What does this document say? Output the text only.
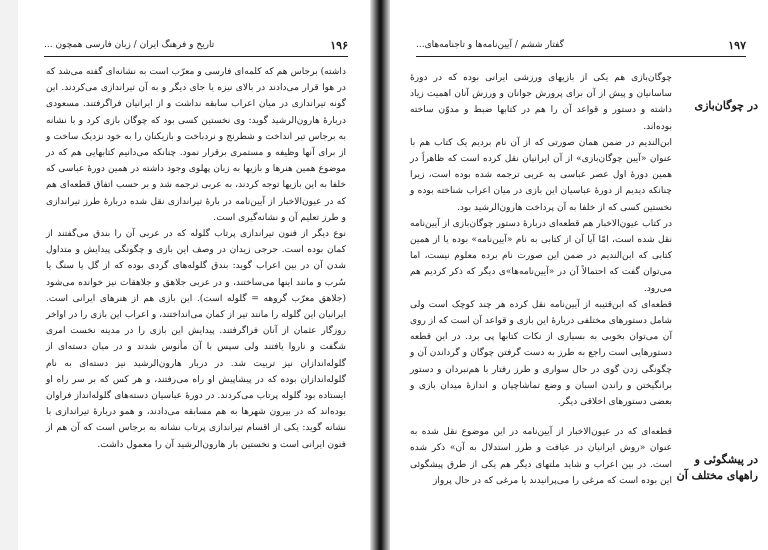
۱۹۶
تاریخ و فرهنگ ایران / زبان فارسی همچون ...

داشته) برجاس هم که کلمه‌ای فارسی و معرّب است به نشانه‌ای گفته می‌شد که در هوا قرار می‌دادند در بالای نیزه یا جای دیگر و به آن تیراندازی می‌کردند. این گونه تیراندازی در میان اعراب سابقه نداشت و از ایرانیان فراگرفتند. مسعودی دربارهٔ هارون‌الرشید گوید: وی نخستین کسی بود که چوگان بازی کرد و با نشانه به برجاس تیر انداخت و شطرنج و نردباخت و بازیکنان را به خود نزدیک ساخت و از برای آنها وظیفه و مستمری برقرار نمود. چنانکه می‌دانیم کتابهایی هم که در موضوع همین هنرها و بازیها به زبان پهلوی وجود داشته در همین دورهٔ عباسی که خلفا به این بازیها توجه کردند، به عربی ترجمه شد و بر حسب اتفاق قطعه‌ای هم که در عیون‌الاخبار از آیین‌نامه در بارهٔ تیراندازی نقل شده دربارهٔ طرز تیراندازی و طرز تعلیم آن و نشانه‌گیری است.

نوع دیگر از فنون تیراندازی پرتاب گلوله که در عربی آن را بندق می‌گفتند از کمان بوده است. جرجی زیدان در وصف این بازی و چگونگی پیدایش و متداول شدن آن در بین اعراب گوید: بندق گلوله‌های گردی بوده که از گل یا سنگ یا سُرب و مانند اینها می‌ساختند، و در عربی جلاهق و جلاهقات نیز خوانده می‌شود (جلاهق معرّب گروهه = گلوله است). این بازی هم از هنرهای ایرانی است. ایرانیان این گلوله را مانند تیر از کمان می‌انداختند، و اعراب این بازی را در اواخر روزگار عثمان از آنان فراگرفتند. پیدایش این بازی را در مدینه نخست امری شگفت و ناروا یافتند ولی سپس با آن مأنوس شدند و در میان دسته‌ای از گلوله‌اندازان نیز تربیت شد. در دربار هارون‌الرشید نیز دسته‌ای به نام گلوله‌اندازان بوده که در پیشاپیش او راه می‌رفتند، و هر کس که بر سر راه او ایستاده بود گلوله پرتاب می‌کردند. در دورهٔ عباسیان دسته‌های گلوله‌انداز فراوان بوده‌اند که در بیرون شهرها به هم مسابقه می‌دادند، و همو دربارهٔ تیراندازی با نشانه گوید: یکی از اقسام تیراندازی پرتاب نشانه به برجاس است که آن هم از فنون ایرانی است و نخستین بار هارون‌الرشید آن را معمول داشت.

۱۹۷
گفتار ششم / آیین‌نامه‌ها و تاجنامه‌های...
در چوگان‌بازی

چوگان‌بازی هم یکی از بازیهای ورزشی ایرانی بوده که در دورهٔ ساسانیان و پیش از آن برای پرورش جوانان و ورزش آنان اهمیت زیاد داشته و دستور و قواعد آن را هم در کتابها ضبط و مدوّن ساخته بوده‌اند.

ابن‌الندیم در ضمن همان صورتی که از آن نام بردیم یک کتاب هم با عنوان «آیین چوگان‌بازی» از آن ایرانیان نقل کرده است که ظاهراً در همین دورهٔ اول عصر عباسی به عربی ترجمه شده بوده است، زیرا چنانکه دیدیم از دورهٔ عباسیان این بازی در میان اعراب شناخته بوده و نخستین کسی که از خلفا به آن پرداخت هارون‌الرشید بود.

در کتاب عیون‌الاخبار هم قطعه‌ای دربارهٔ دستور چوگان‌بازی از آیین‌نامه نقل شده است، امّا آیا آن از کتابی به نام «آیین‌نامه» بوده یا از همین کتابی که ابن‌الندیم در ضمن این صورت نام برده معلوم نیست، اما می‌توان گفت که احتمالاً آن در «آیین‌نامه‌ها»ی دیگر که ذکر کردیم هم می‌رود.

قطعه‌ای که ابن‌قتیبه از آیین‌نامه نقل کرده هر چند کوچک است ولی شامل دستورهای مختلفی دربارهٔ این بازی و قواعد آن است که از روی آن می‌توان بخوبی به بسیاری از نکات کتابها پی برد. در این قطعه دستورهایی است راجع به طرز به دست گرفتن چوگان و گرداندن آن و چگونگی زدن گوی در حال سواری و طرز رفتار با هم‌نبردان و دستور برانگیختن و راندن اسبان و وضع تماشاچیان و اندازهٔ میدان بازی و بعضی دستورهای اخلاقی دیگر.

قطعه‌ای که در عیون‌الاخبار از آیین‌نامه در این موضوع نقل شده به عنوان «روش ایرانیان در عیافت و طرز استدلال به آن» ذکر شده است. در بین اعراب و شاید ملتهای دیگر هم یکی از طرق پیشگوئی این بوده است که مرغی را می‌پرانیدند یا مرغی که در حال پرواز

در پیشگوئی و راههای مختلف آن
